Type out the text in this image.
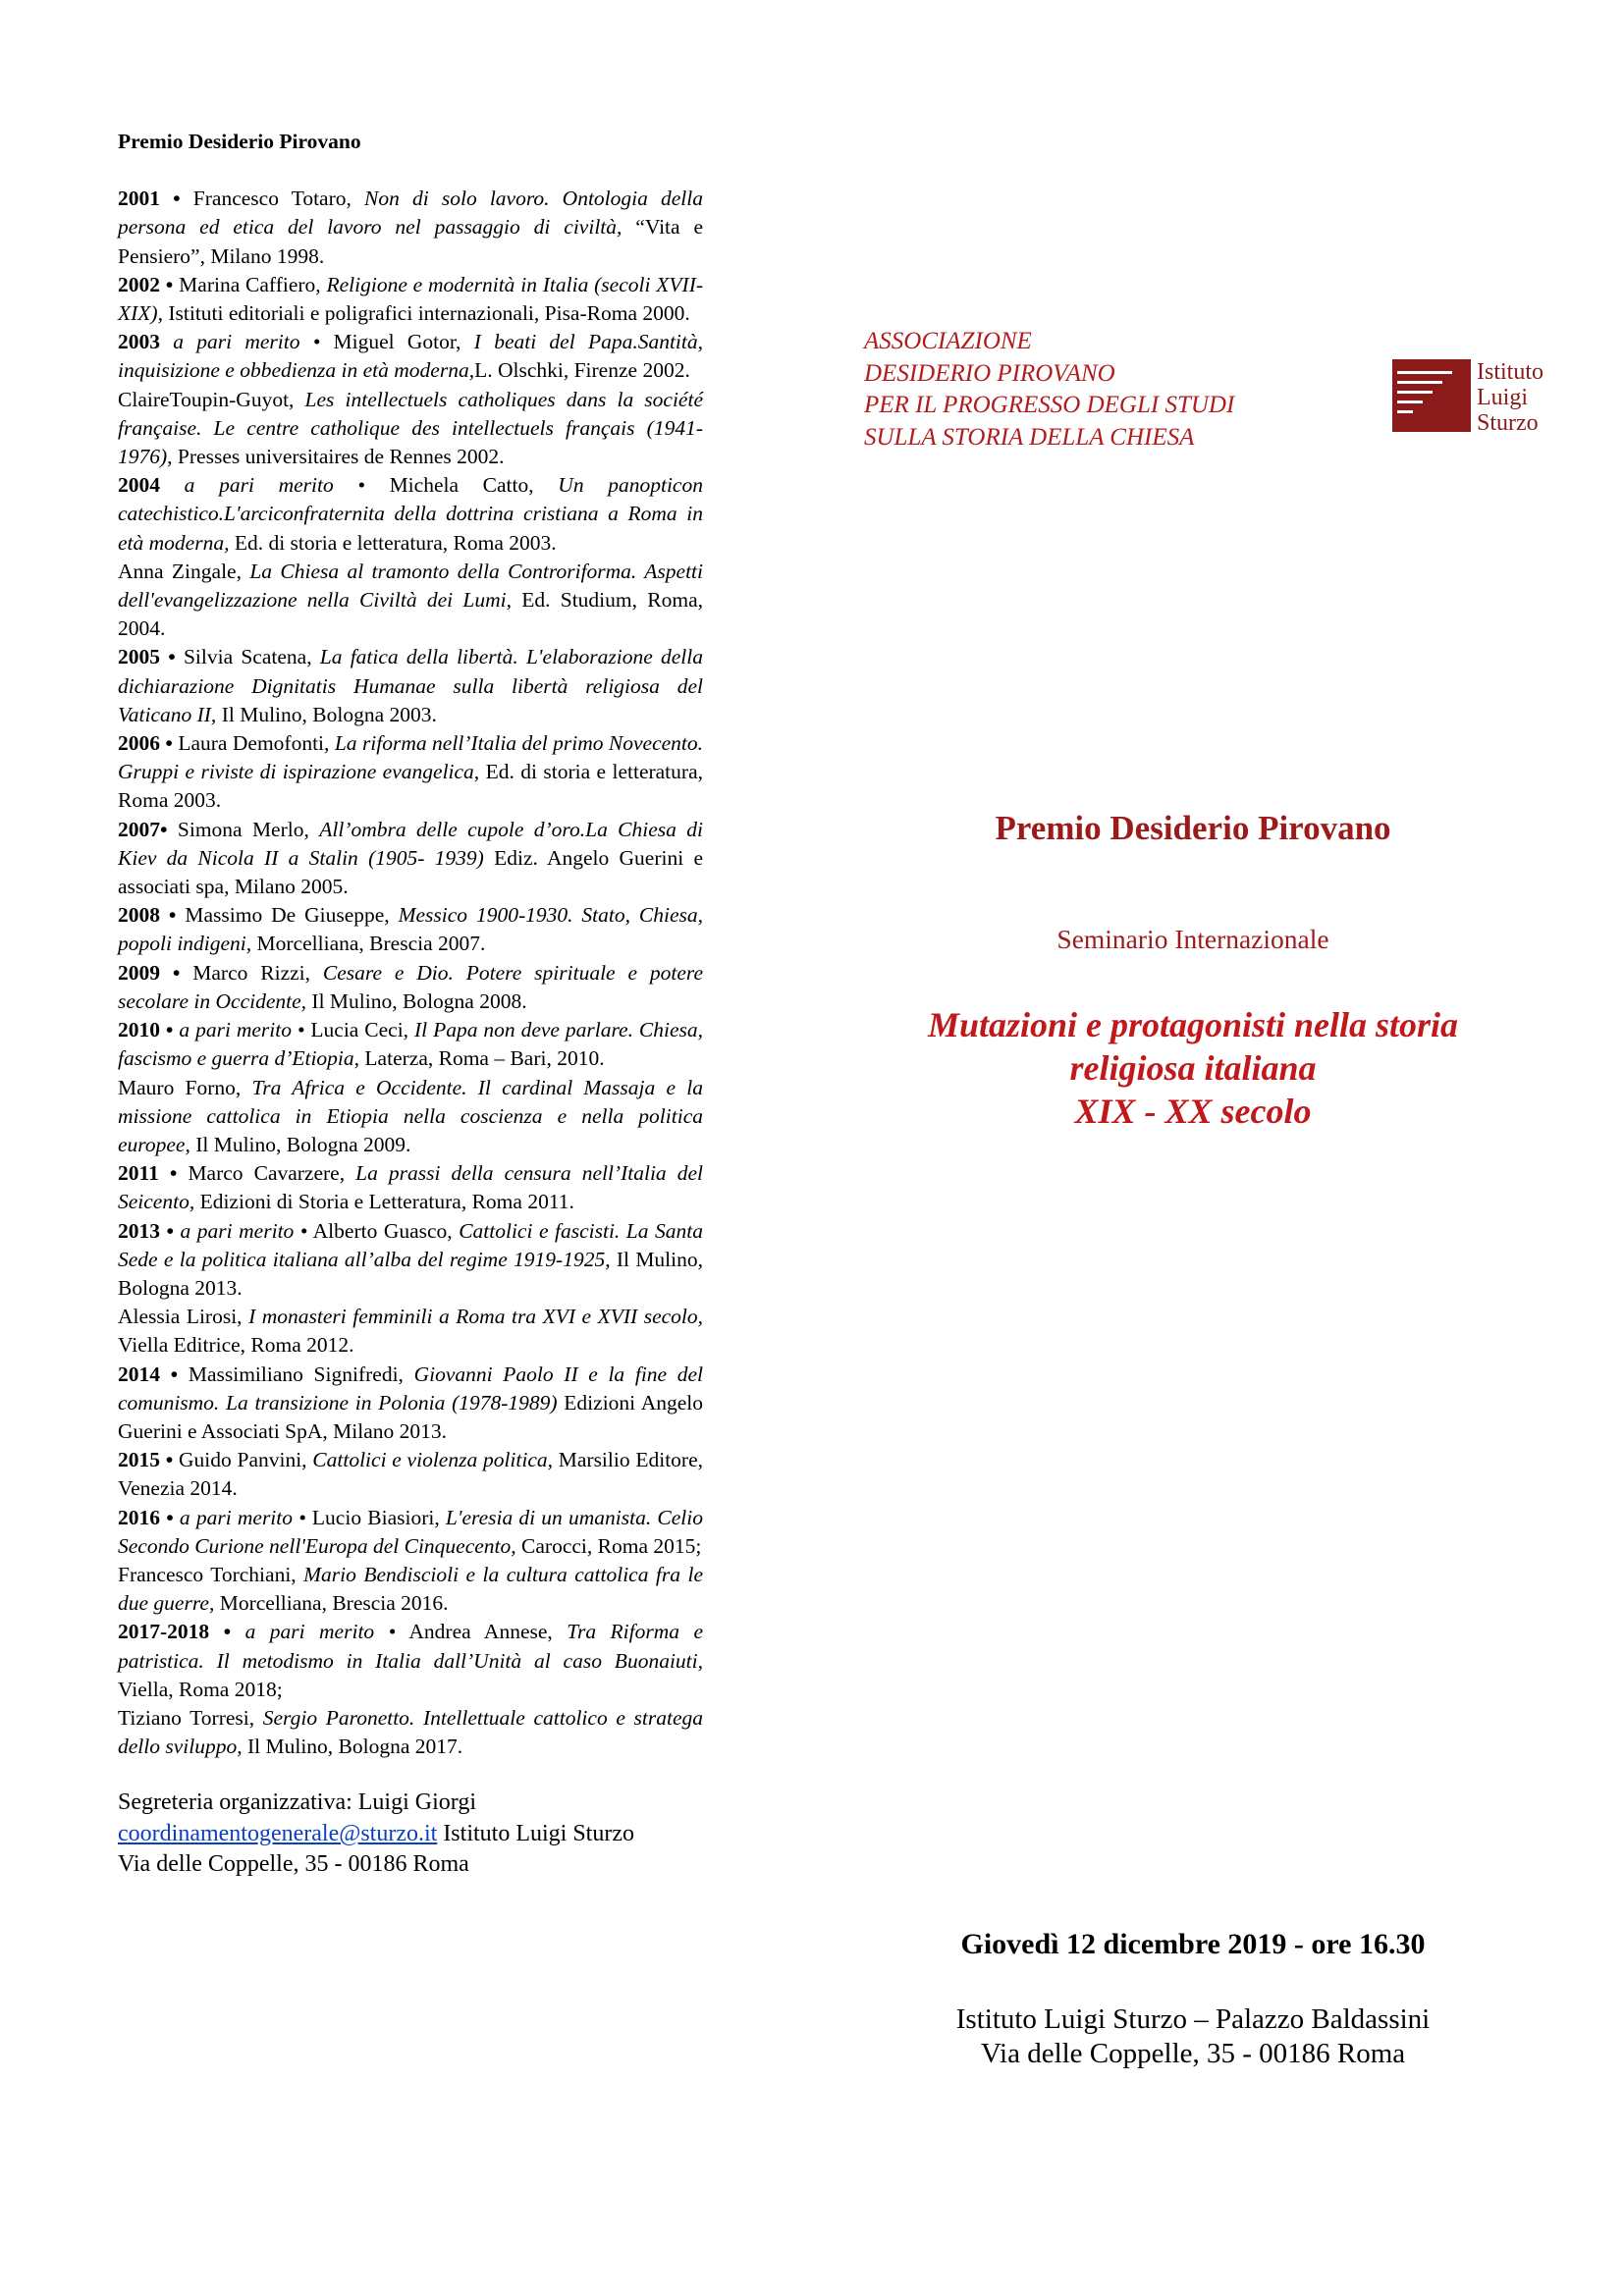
Premio Desiderio Pirovano

2001 • Francesco Totaro, Non di solo lavoro. Ontologia della persona ed etica del lavoro nel passaggio di civiltà, “Vita e Pensiero”, Milano 1998.

2002 • Marina Caffiero, Religione e modernità in Italia (secoli XVII-XIX), Istituti editoriali e poligrafici internazionali, Pisa-Roma 2000.

2003 a pari merito • Miguel Gotor, I beati del Papa.Santità, inquisizione e obbedienza in età moderna,L. Olschki, Firenze 2002.

ClaireToupin-Guyot, Les intellectuels catholiques dans la société française. Le centre catholique des intellectuels français (1941-1976), Presses universitaires de Rennes 2002.

2004 a pari merito • Michela Catto, Un panopticon catechistico.L'arciconfraternita della dottrina cristiana a Roma in età moderna, Ed. di storia e letteratura, Roma 2003.

Anna Zingale, La Chiesa al tramonto della Controriforma. Aspetti dell'evangelizzazione nella Civiltà dei Lumi, Ed. Studium, Roma, 2004.

2005 • Silvia Scatena, La fatica della libertà. L'elaborazione della dichiarazione Dignitatis Humanae sulla libertà religiosa del Vaticano II, Il Mulino, Bologna 2003.

2006 • Laura Demofonti, La riforma nell’Italia del primo Novecento. Gruppi e riviste di ispirazione evangelica, Ed. di storia e letteratura, Roma 2003.

2007• Simona Merlo, All’ombra delle cupole d’oro.La Chiesa di Kiev da Nicola II a Stalin (1905- 1939) Ediz. Angelo Guerini e associati spa, Milano 2005.

2008 • Massimo De Giuseppe, Messico 1900-1930. Stato, Chiesa, popoli indigeni, Morcelliana, Brescia 2007.

2009 • Marco Rizzi, Cesare e Dio. Potere spirituale e potere secolare in Occidente, Il Mulino, Bologna 2008.

2010 • a pari merito • Lucia Ceci, Il Papa non deve parlare. Chiesa, fascismo e guerra d’Etiopia, Laterza, Roma – Bari, 2010.

Mauro Forno, Tra Africa e Occidente. Il cardinal Massaja e la missione cattolica in Etiopia nella coscienza e nella politica europee, Il Mulino, Bologna 2009.

2011 • Marco Cavarzere, La prassi della censura nell’Italia del Seicento, Edizioni di Storia e Letteratura, Roma 2011.

2013 • a pari merito • Alberto Guasco, Cattolici e fascisti. La Santa Sede e la politica italiana all’alba del regime 1919-1925, Il Mulino, Bologna 2013.

Alessia Lirosi, I monasteri femminili a Roma tra XVI e XVII secolo, Viella Editrice, Roma 2012.

2014 • Massimiliano Signifredi, Giovanni Paolo II e la fine del comunismo. La transizione in Polonia (1978-1989) Edizioni Angelo Guerini e Associati SpA, Milano 2013.

2015 • Guido Panvini, Cattolici e violenza politica, Marsilio Editore, Venezia 2014.

2016 • a pari merito • Lucio Biasiori, L'eresia di un umanista. Celio Secondo Curione nell'Europa del Cinquecento, Carocci, Roma 2015;

Francesco Torchiani, Mario Bendiscioli e la cultura cattolica fra le due guerre, Morcelliana, Brescia 2016.

2017-2018 • a pari merito • Andrea Annese, Tra Riforma e patristica. Il metodismo in Italia dall’Unità al caso Buonaiuti, Viella, Roma 2018;

Tiziano Torresi, Sergio Paronetto. Intellettuale cattolico e stratega dello sviluppo, Il Mulino, Bologna 2017.

Segreteria organizzativa: Luigi Giorgi
coordinamentogenerale@sturzo.it Istituto Luigi Sturzo
Via delle Coppelle, 35 - 00186 Roma
ASSOCIAZIONE
DESIDERIO PIROVANO
PER IL PROGRESSO DEGLI STUDI
SULLA STORIA DELLA CHIESA
Istituto
Luigi
Sturzo
Premio Desiderio Pirovano
Seminario Internazionale
Mutazioni e protagonisti nella storia
religiosa italiana
XIX - XX secolo
Giovedì 12 dicembre 2019 - ore 16.30
Istituto Luigi Sturzo – Palazzo Baldassini
Via delle Coppelle, 35 - 00186 Roma
